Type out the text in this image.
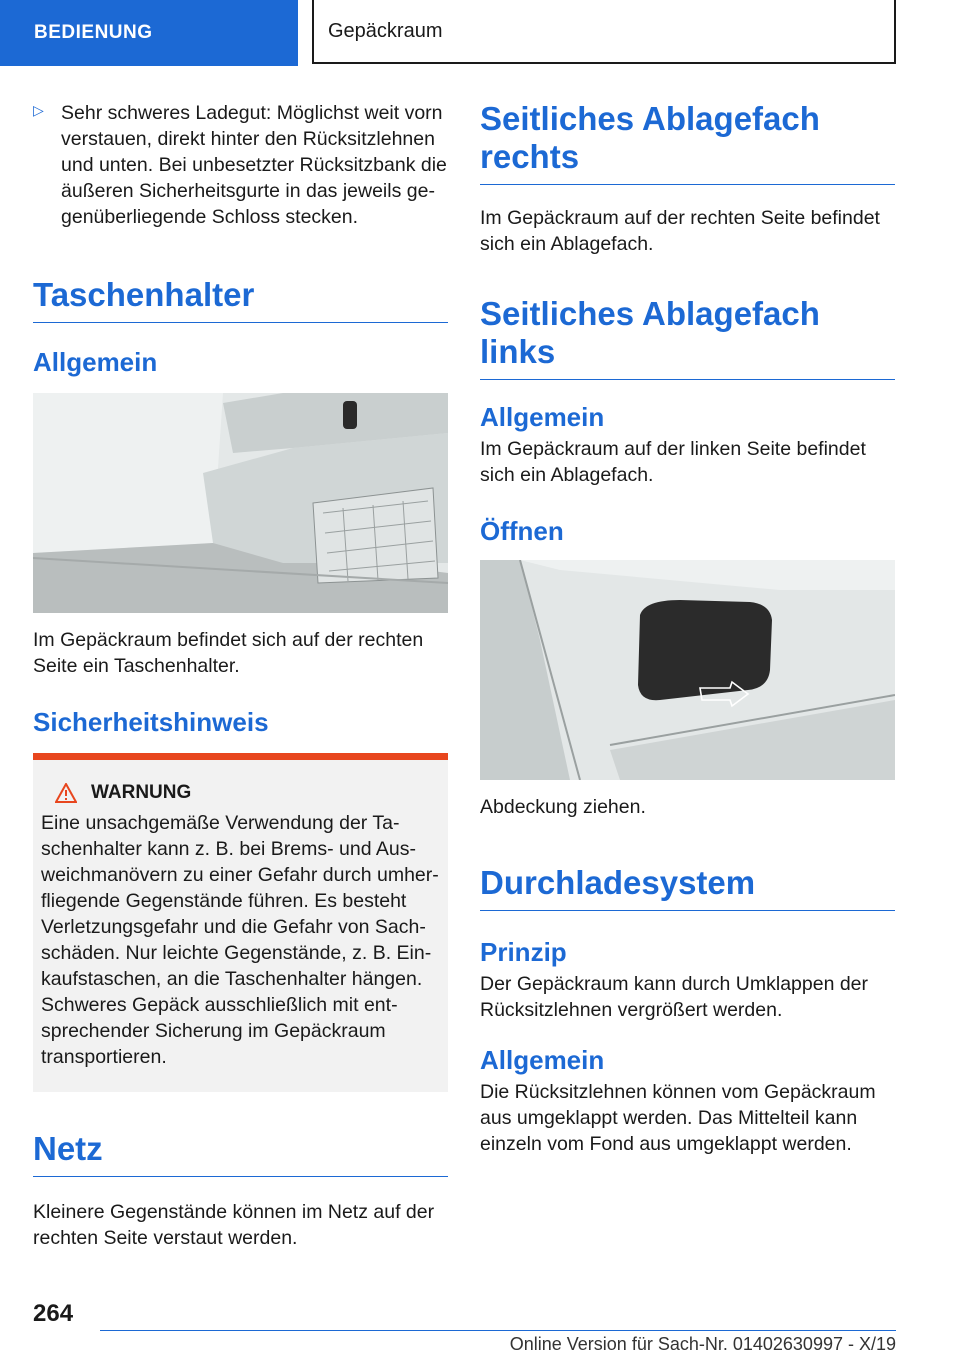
BEDIENUNG	Gepäckraum
▷ Sehr schweres Ladegut: Möglichst weit vorn verstauen, direkt hinter den Rücksitzlehnen und unten. Bei unbesetzter Rücksitzbank die äußeren Sicherheitsgurte in das jeweils gegenüberliegende Schloss stecken.

Taschenhalter
Allgemein

Im Gepäckraum befindet sich auf der rechten Seite ein Taschenhalter.

Sicherheitshinweis
WARNUNG

Eine unsachgemäße Verwendung der Taschenhalter kann z. B. bei Brems- und Ausweichmanövern zu einer Gefahr durch umherfliegende Gegenstände führen. Es besteht Verletzungsgefahr und die Gefahr von Sachschäden. Nur leichte Gegenstände, z. B. Einkaufstaschen, an die Taschenhalter hängen. Schweres Gepäck ausschließlich mit entsprechender Sicherung im Gepäckraum transportieren.

Netz

Kleinere Gegenstände können im Netz auf der rechten Seite verstaut werden.

Seitliches Ablagefach rechts

Im Gepäckraum auf der rechten Seite befindet sich ein Ablagefach.

Seitliches Ablagefach links
Allgemein

Im Gepäckraum auf der linken Seite befindet sich ein Ablagefach.

Öffnen

Abdeckung ziehen.

Durchladesystem
Prinzip

Der Gepäckraum kann durch Umklappen der Rücksitzlehnen vergrößert werden.

Allgemein

Die Rücksitzlehnen können vom Gepäckraum aus umgeklappt werden. Das Mittelteil kann einzeln vom Fond aus umgeklappt werden.

264
Online Version für Sach-Nr. 01402630997 - X/19
